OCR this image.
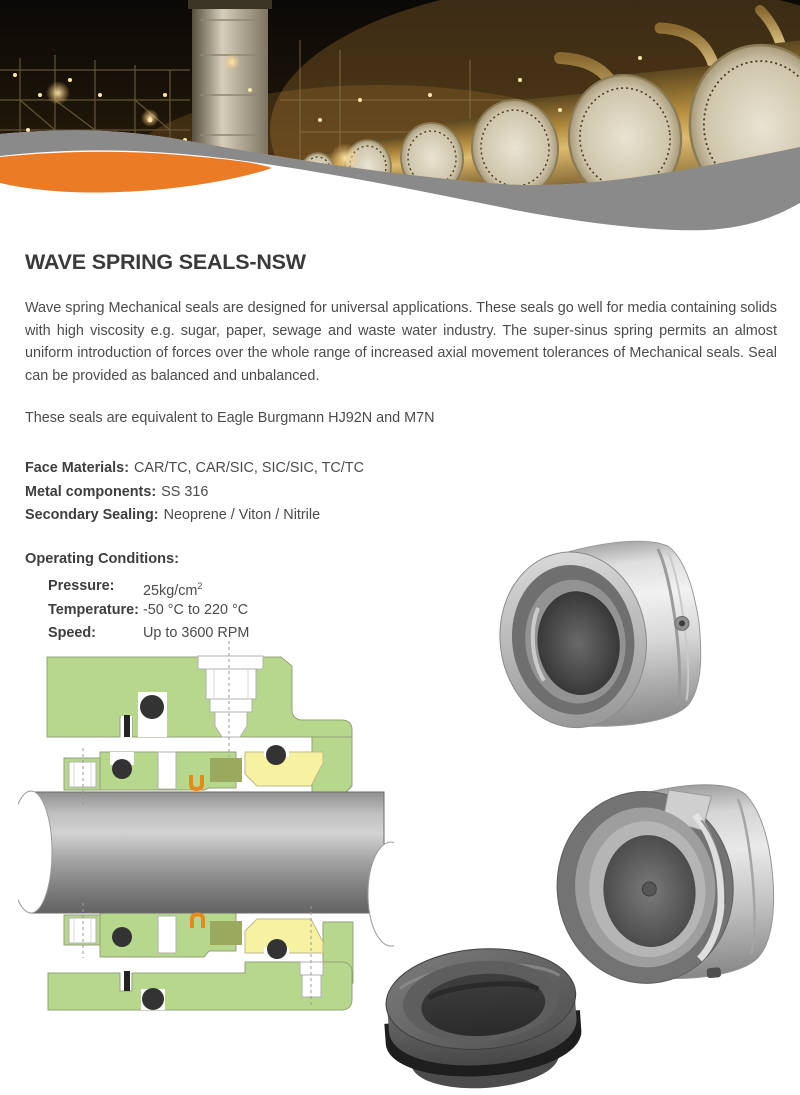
WAVE SPRING SEALS-NSW

Wave spring Mechanical seals are designed for universal applications. These seals go well for media containing solids with high viscosity e.g. sugar, paper, sewage and waste water industry. The super-sinus spring permits an almost uniform introduction of forces over the whole range of increased axial movement tolerances of Mechanical seals. Seal can be provided as balanced and unbalanced.

These seals are equivalent to Eagle Burgmann HJ92N and M7N

Face Materials: CAR/TC, CAR/SIC, SIC/SIC, TC/TC
Metal components: SS 316
Secondary Sealing: Neoprene / Viton / Nitrile
Operating Conditions:
Pressure:	$25kg/cm^2$
Temperature: -50 °C to 220 °C
Speed:	Up to 3600 RPM
